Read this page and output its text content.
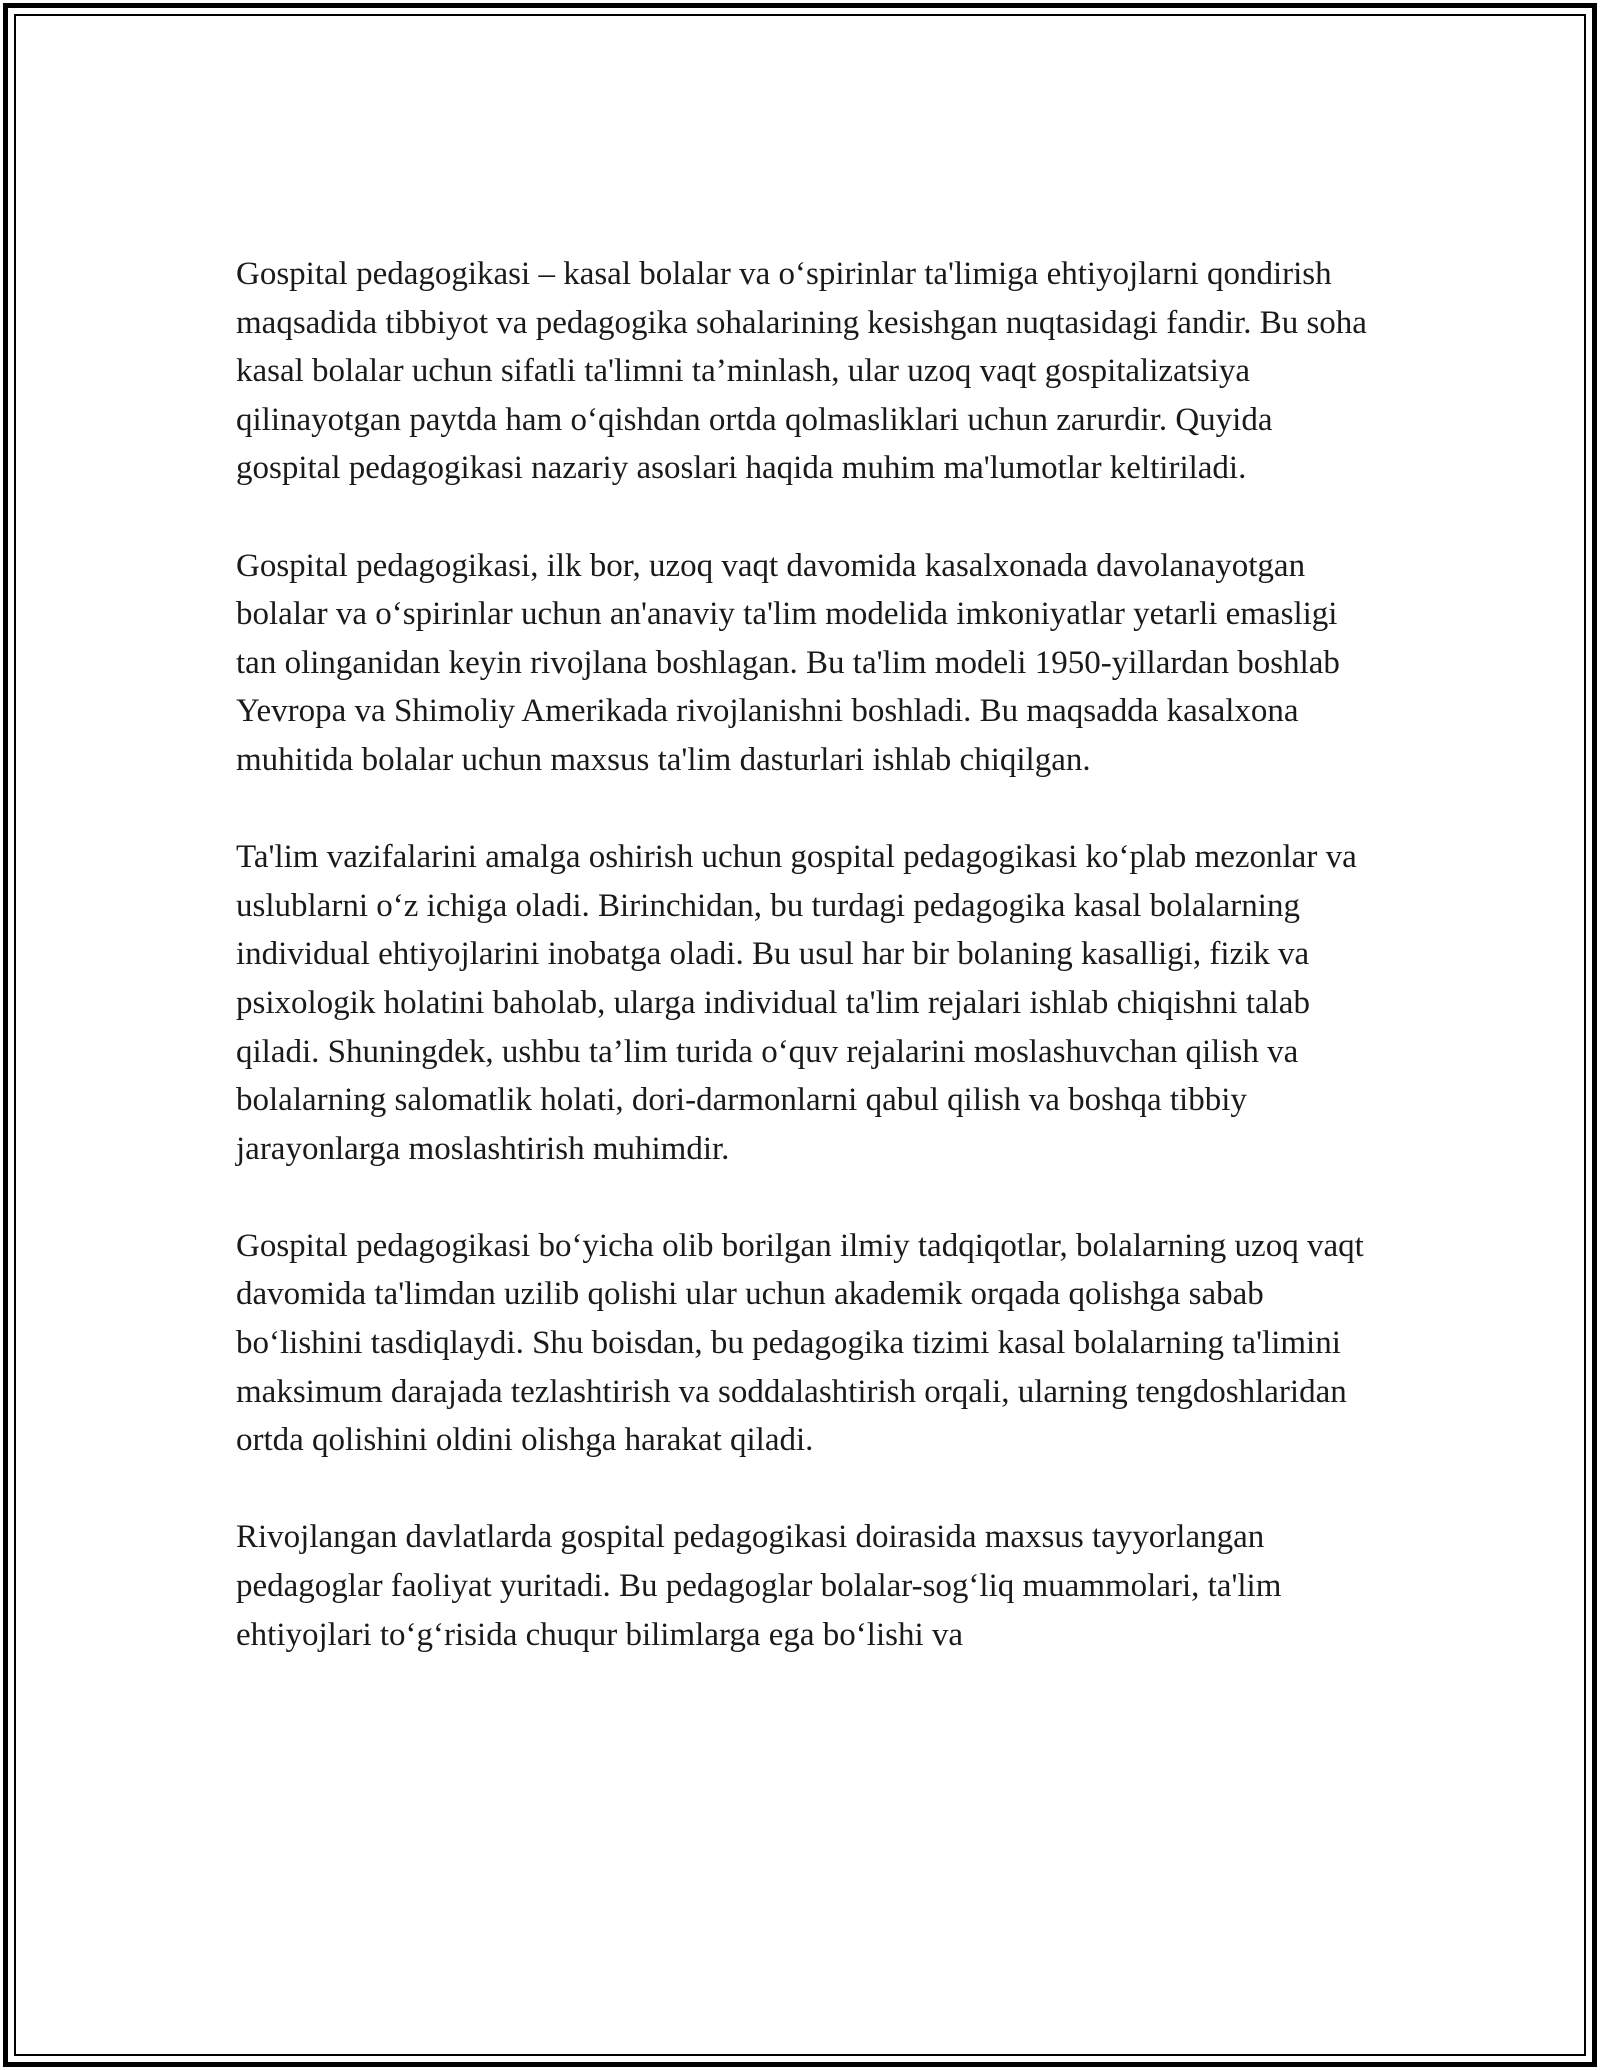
Gospital pedagogikasi – kasal bolalar va o‘spirinlar ta'limiga ehtiyojlarni qondirish maqsadida tibbiyot va pedagogika sohalarining kesishgan nuqtasidagi fandir. Bu soha kasal bolalar uchun sifatli ta'limni ta’minlash, ular uzoq vaqt gospitalizatsiya qilinayotgan paytda ham o‘qishdan ortda qolmasliklari uchun zarurdir. Quyida gospital pedagogikasi nazariy asoslari haqida muhim ma'lumotlar keltiriladi.

Gospital pedagogikasi, ilk bor, uzoq vaqt davomida kasalxonada davolanayotgan bolalar va o‘spirinlar uchun an'anaviy ta'lim modelida imkoniyatlar yetarli emasligi tan olinganidan keyin rivojlana boshlagan. Bu ta'lim modeli 1950-yillardan boshlab Yevropa va Shimoliy Amerikada rivojlanishni boshladi. Bu maqsadda kasalxona muhitida bolalar uchun maxsus ta'lim dasturlari ishlab chiqilgan.

Ta'lim vazifalarini amalga oshirish uchun gospital pedagogikasi ko‘plab mezonlar va uslublarni o‘z ichiga oladi. Birinchidan, bu turdagi pedagogika kasal bolalarning individual ehtiyojlarini inobatga oladi. Bu usul har bir bolaning kasalligi, fizik va psixologik holatini baholab, ularga individual ta'lim rejalari ishlab chiqishni talab qiladi. Shuningdek, ushbu ta’lim turida o‘quv rejalarini moslashuvchan qilish va bolalarning salomatlik holati, dori-darmonlarni qabul qilish va boshqa tibbiy jarayonlarga moslashtirish muhimdir.

Gospital pedagogikasi bo‘yicha olib borilgan ilmiy tadqiqotlar, bolalarning uzoq vaqt davomida ta'limdan uzilib qolishi ular uchun akademik orqada qolishga sabab bo‘lishini tasdiqlaydi. Shu boisdan, bu pedagogika tizimi kasal bolalarning ta'limini maksimum darajada tezlashtirish va soddalashtirish orqali, ularning tengdoshlaridan ortda qolishini oldini olishga harakat qiladi.

Rivojlangan davlatlarda gospital pedagogikasi doirasida maxsus tayyorlangan pedagoglar faoliyat yuritadi. Bu pedagoglar bolalar-sog‘liq muammolari, ta'lim ehtiyojlari to‘g‘risida chuqur bilimlarga ega bo‘lishi va
